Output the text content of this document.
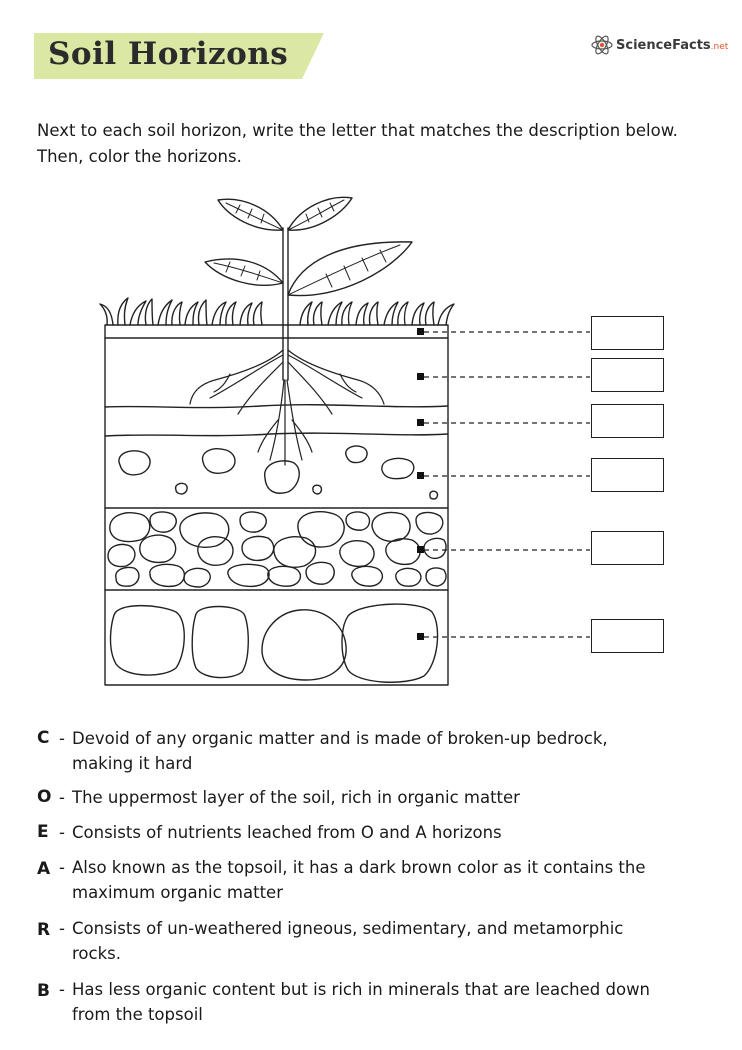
Soil Horizons	ScienceFacts.net
Next to each soil horizon, write the letter that matches the description below. Then, color the horizons.
C - Devoid of any organic matter and is made of broken-up bedrock,
making it hard
O - The uppermost layer of the soil, rich in organic matter
E - Consists of nutrients leached from O and A horizons
A - Also known as the topsoil, it has a dark brown color as it contains the
maximum organic matter
R - Consists of un-weathered igneous, sedimentary, and metamorphic
rocks.
B - Has less organic content but is rich in minerals that are leached down
from the topsoil
